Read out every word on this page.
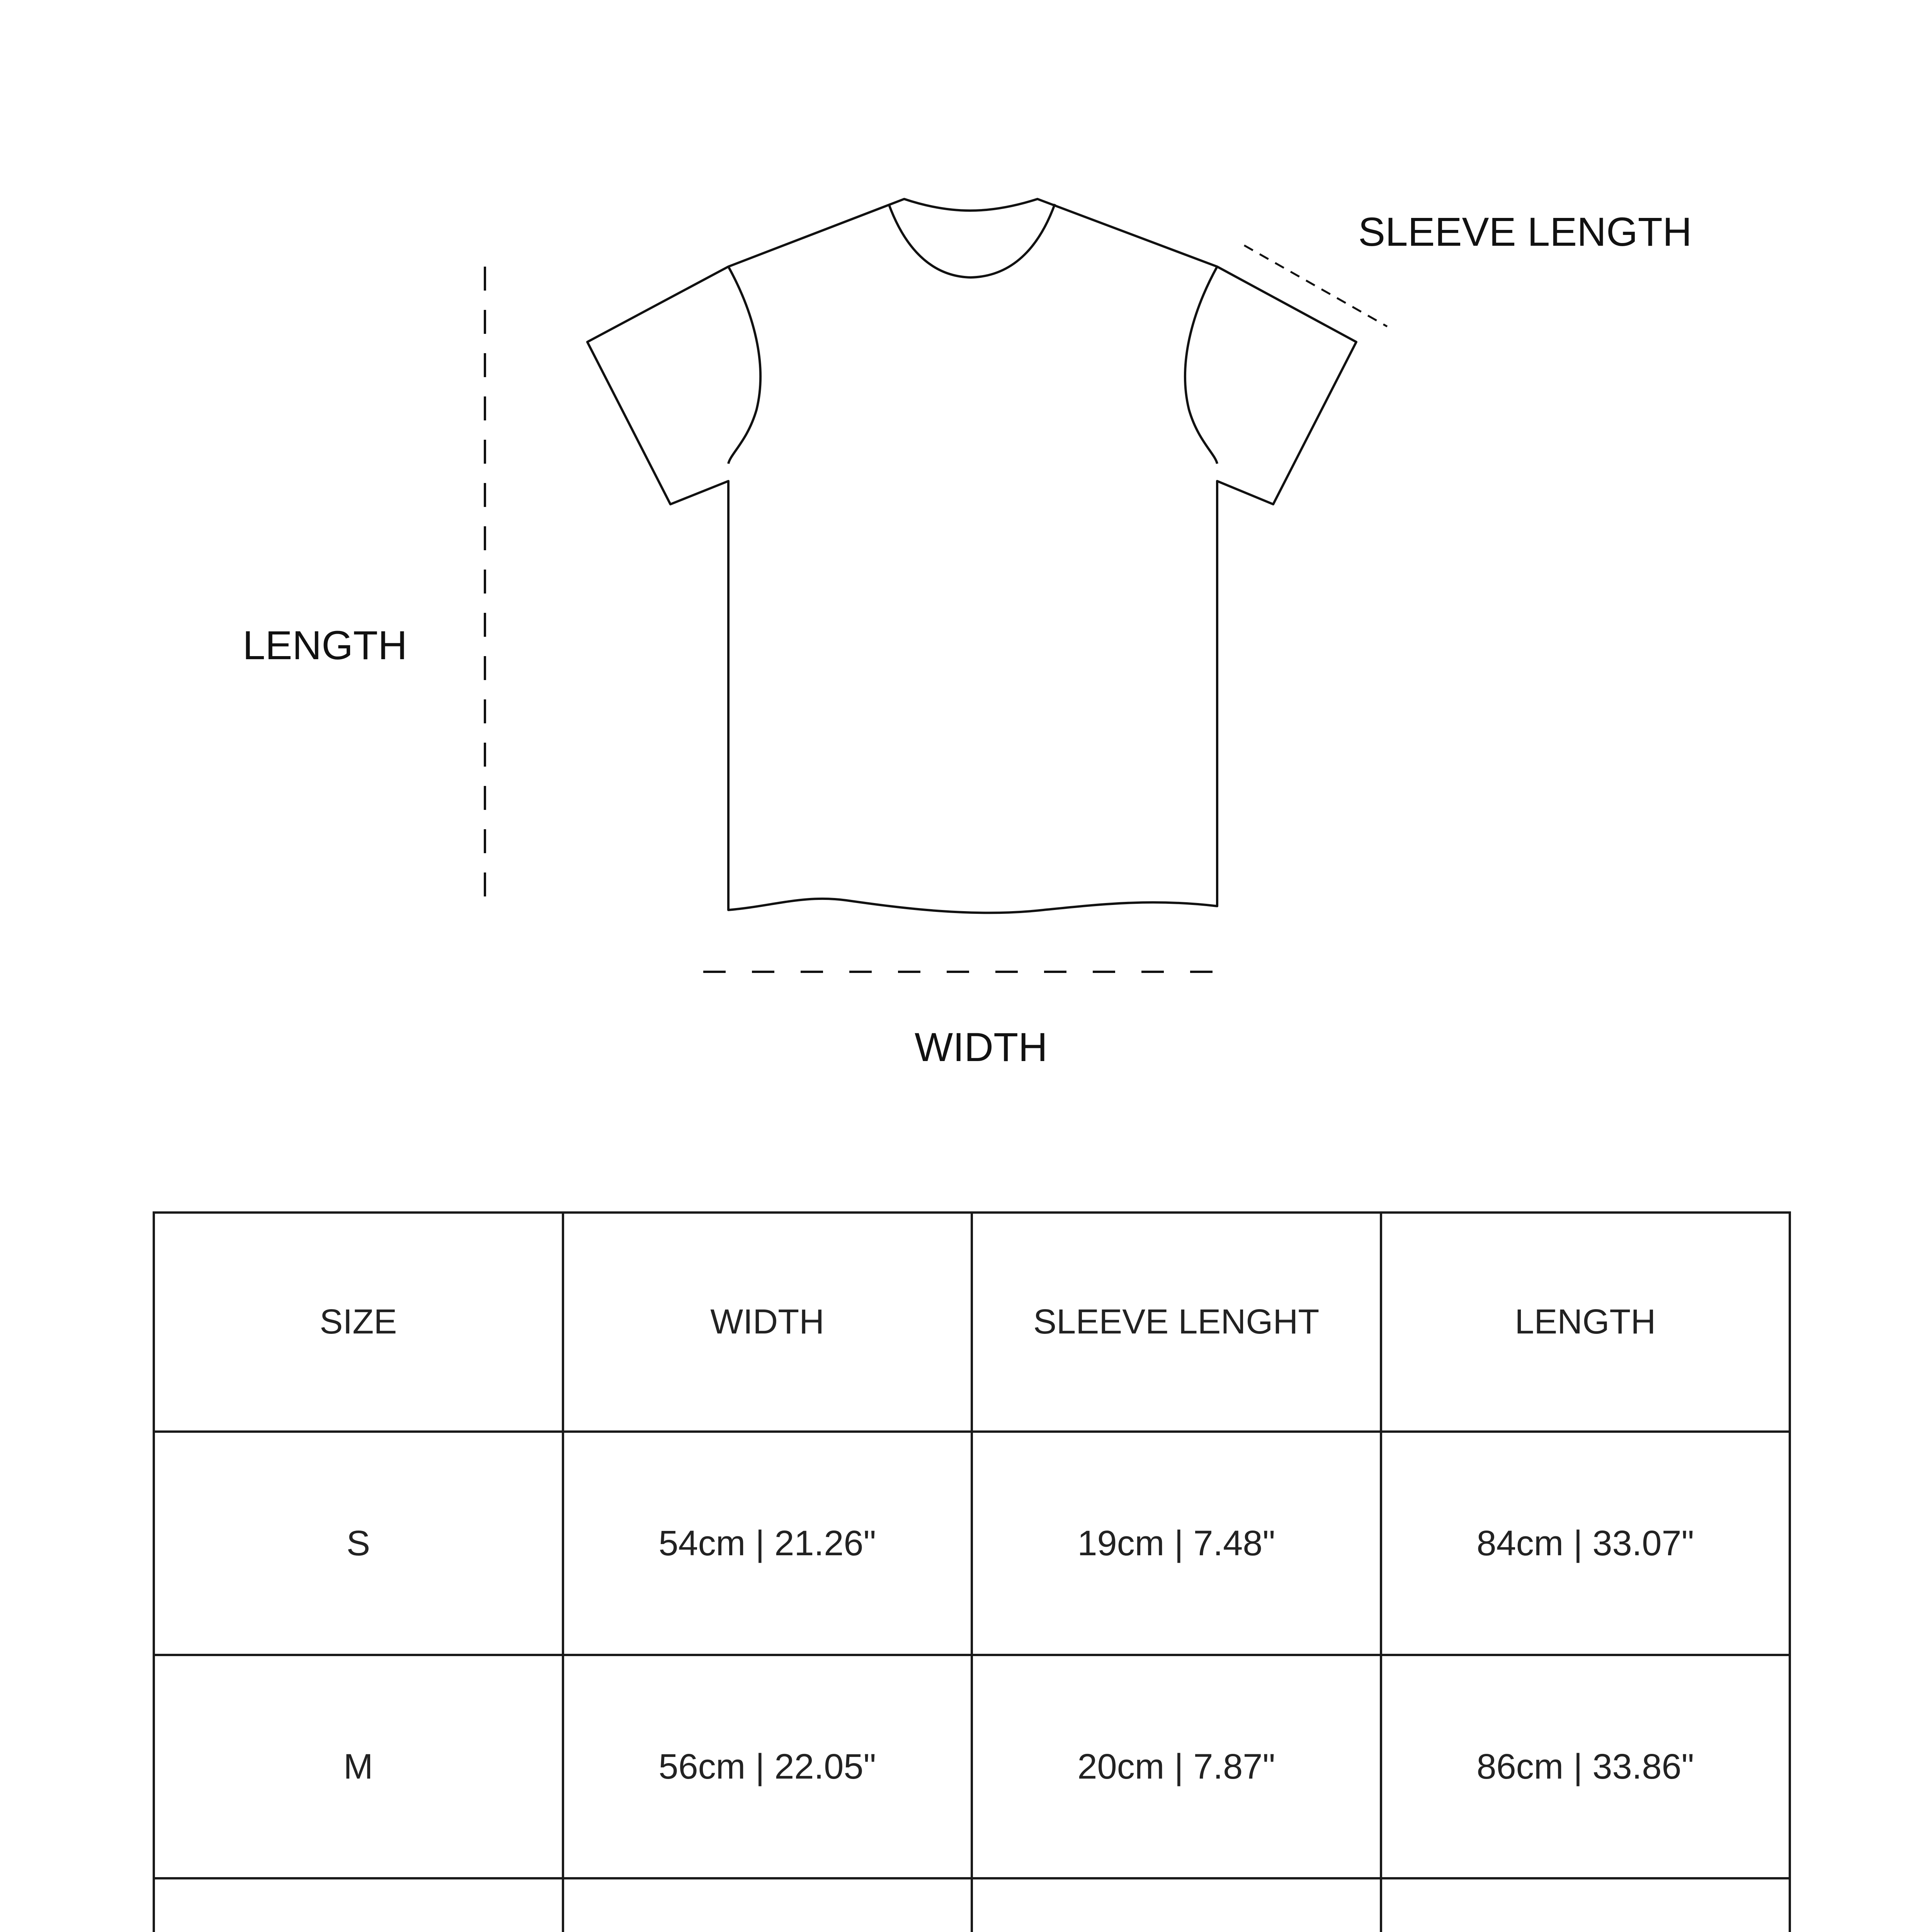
SLEEVE LENGTH
LENGTH
WIDTH
SIZE	WIDTH	SLEEVE LENGHT	LENGTH
S	54cm | 21.26"	19cm | 7.48"	84cm | 33.07"
M	56cm | 22.05"	20cm | 7.87"	86cm | 33.86"
